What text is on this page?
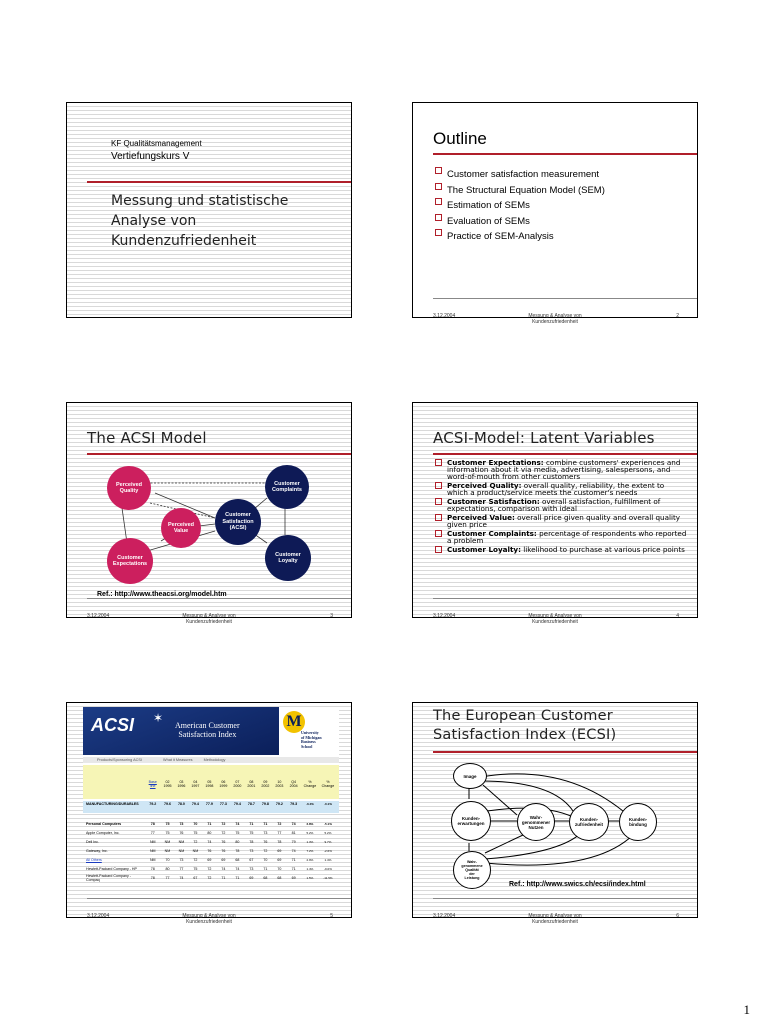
KF Qualitätsmanagement
Vertiefungskurs V
Messung und statistische
Analyse von
Kundenzufriedenheit
Outline
Customer satisfaction measurement
The Structural Equation Model (SEM)
Estimation of SEMs
Evaluation of SEMs
Practice of SEM-Analysis
3.12.2004	Messung & Analyse von
Kundenzufriedenheit
2
The ACSI Model
Perceived
Quality
Perceived
Value
Customer
Expectations
Customer
Satisfaction
(ACSI)
Customer
Complaints
Customer
Loyalty
Ref.: http://www.theacsi.org/model.htm
3.12.2004	Messung & Analyse von
Kundenzufriedenheit
3
ACSI-Model: Latent Variables
Customer Expectations: combine customers' experiences and information about it via media, advertising, salespersons, and word-of-mouth from other customers
Perceived Quality: overall quality, reliability, the extent to which a product/service meets the customer's needs
Customer Satisfaction: overall satisfaction, fulfillment of expectations, comparison with ideal
Perceived Value: overall price given quality and overall quality given price
Customer Complaints: percentage of respondents who reported a problem
Customer Loyalty: likelihood to purchase at various price points
3.12.2004	Messung & Analyse von
Kundenzufriedenheit
4
ACSI ✶
American Customer
Satisfaction Index
M
University
of Michigan
Business
School
Products/Sponsoring ACSI	What it Measures	Methodology
	Base line	02 1995	03 1996	04 1997	05 1998	06 1999	07 2000	08 2001	09 2002	10 2003	Q4 2004	% Change	% Change

MANUFACTURING/DURABLES	79.2	79.6	78.0	79.4	77.9	77.3	79.4	78.7	79.8	79.2	79.3	-0.4%	-0.1%

Personal Computers	78	75	73	70	71	72	74	71	71	72	74	2.8%	-5.1%
Apple Computer, Inc.	77	75	76	75	80	72	75	75	73	77	81	5.2%	5.2%
Dell Inc.	NM	NM	NM	72	74	76	80	78	76	78	79	1.3%	9.7%
Gateway, Inc.	NM	NM	NM	NM	76	76	78	73	72	69	74	7.2%	-2.6%
All Others	NM	70	73	72	69	69	68	67	70	69	71	2.9%	1.4%
Hewlett-Packard Company - HP	78	80	77	75	72	74	74	73	71	70	71	1.4%	-9.0%
Hewlett-Packard Company - Compaq	78	77	74	67	72	71	71	69	68	68	69	1.5%	-11.5%
3.12.2004	Messung & Analyse von
Kundenzufriedenheit
5
The European Customer
Satisfaction Index (ECSI)
Image
Kunden-
erwartungen
Wahr-
genommener
Nutzen
Kunden-
zufriedenheit
Kunden-
bindung
Wahr-
genommene
Qualität
der
Leistung
Ref.: http://www.swics.ch/ecsi/index.html
3.12.2004	Messung & Analyse von
Kundenzufriedenheit
6
1
